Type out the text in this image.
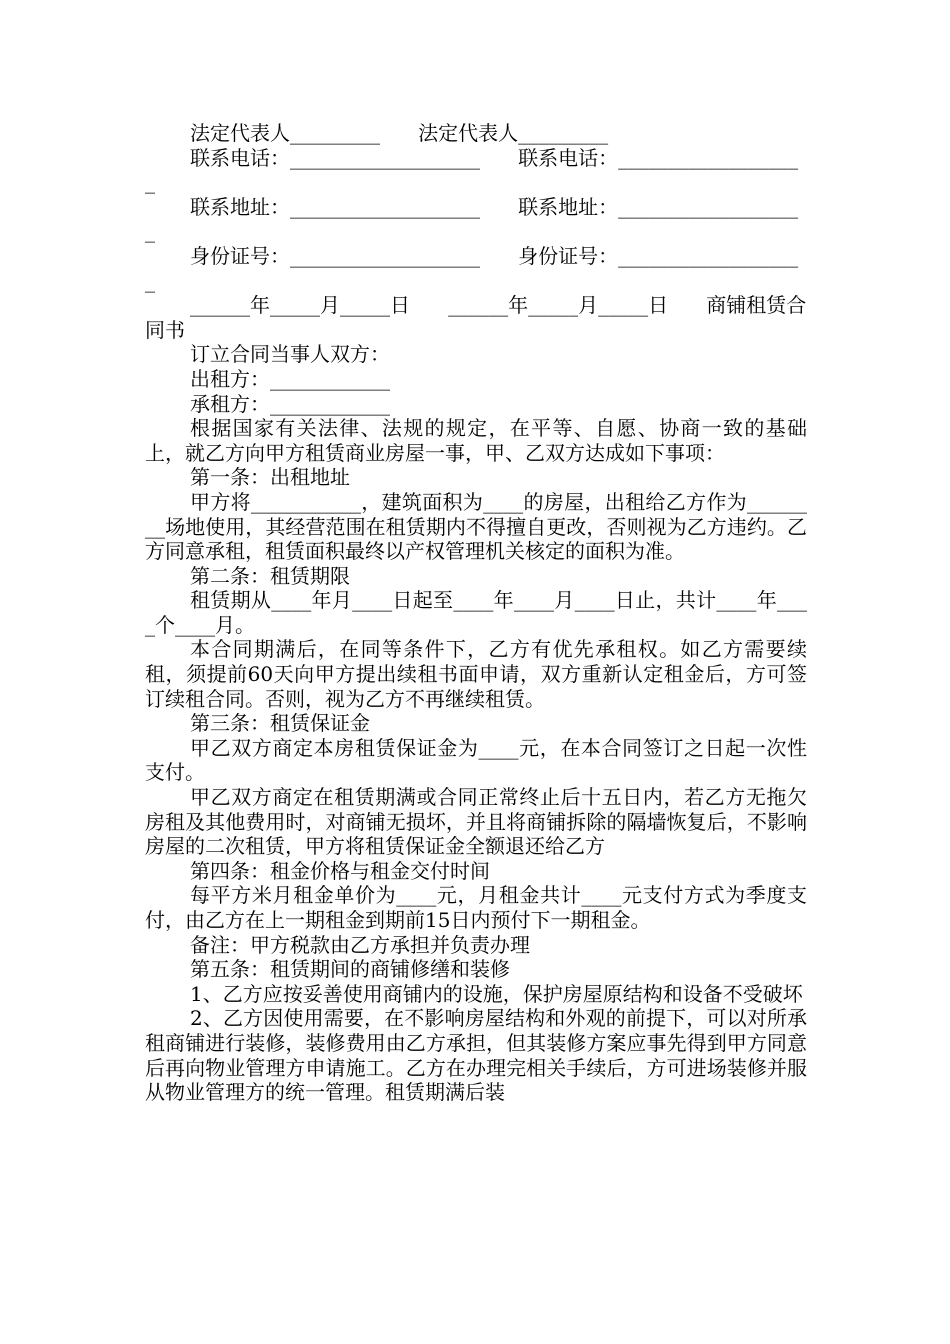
法定代表人_________      法定代表人_________

联系电话：___________________      联系电话：___________________

联系地址：___________________      联系地址：___________________

身份证号：___________________      身份证号：___________________

______年_____月_____日      ______年_____月_____日      商铺租赁合同书

订立合同当事人双方：

出租方：____________

承租方：____________

根据国家有关法律、法规的规定，在平等、自愿、协商一致的基础上，就乙方向甲方租赁商业房屋一事，甲、乙双方达成如下事项：

第一条：出租地址

甲方将___________，建筑面积为____的房屋，出租给乙方作为________场地使用，其经营范围在租赁期内不得擅自更改，否则视为乙方违约。乙方同意承租，租赁面积最终以产权管理机关核定的面积为准。

第二条：租赁期限

租赁期从____年月____日起至____年____月____日止，共计____年____个____月。

本合同期满后，在同等条件下，乙方有优先承租权。如乙方需要续租，须提前60天向甲方提出续租书面申请，双方重新认定租金后，方可签订续租合同。否则，视为乙方不再继续租赁。

第三条：租赁保证金

甲乙双方商定本房租赁保证金为____元，在本合同签订之日起一次性支付。

甲乙双方商定在租赁期满或合同正常终止后十五日内，若乙方无拖欠房租及其他费用时，对商铺无损坏，并且将商铺拆除的隔墙恢复后，不影响房屋的二次租赁，甲方将租赁保证金全额退还给乙方

第四条：租金价格与租金交付时间

每平方米月租金单价为____元，月租金共计____元支付方式为季度支付，由乙方在上一期租金到期前15日内预付下一期租金。

备注：甲方税款由乙方承担并负责办理

第五条：租赁期间的商铺修缮和装修

1、乙方应按妥善使用商铺内的设施，保护房屋原结构和设备不受破坏

2、乙方因使用需要，在不影响房屋结构和外观的前提下，可以对所承租商铺进行装修，装修费用由乙方承担，但其装修方案应事先得到甲方同意后再向物业管理方申请施工。乙方在办理完相关手续后，方可进场装修并服从物业管理方的统一管理。租赁期满后装
